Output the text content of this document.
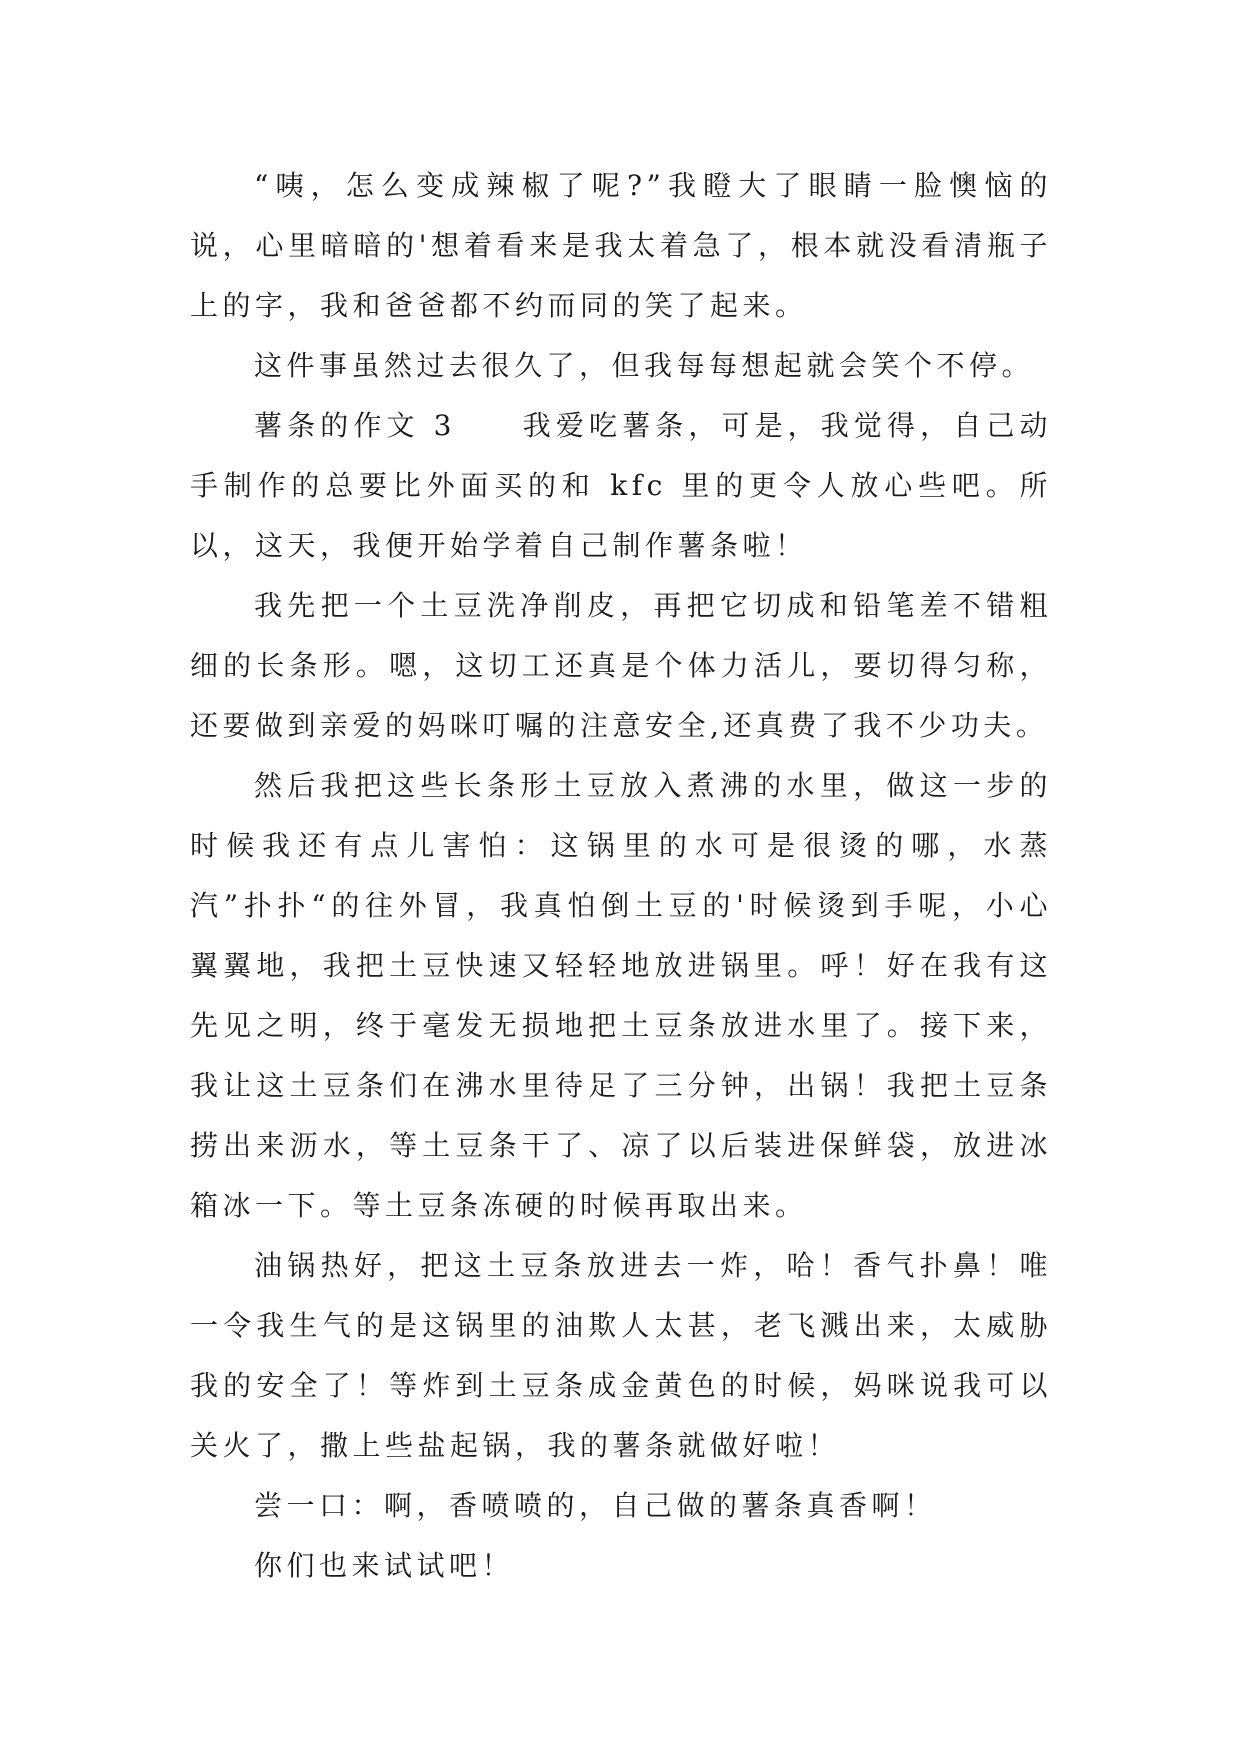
“咦，怎么变成辣椒了呢?”我瞪大了眼睛一脸懊恼的说，心里暗暗的'想着看来是我太着急了，根本就没看清瓶子上的字，我和爸爸都不约而同的笑了起来。

这件事虽然过去很久了，但我每每想起就会笑个不停。

薯条的作文 3　　我爱吃薯条，可是，我觉得，自己动手制作的总要比外面买的和 kfc 里的更令人放心些吧。所以，这天，我便开始学着自己制作薯条啦！

我先把一个土豆洗净削皮，再把它切成和铅笔差不错粗细的长条形。嗯，这切工还真是个体力活儿，要切得匀称，还要做到亲爱的妈咪叮嘱的注意安全,还真费了我不少功夫。

然后我把这些长条形土豆放入煮沸的水里，做这一步的时候我还有点儿害怕：这锅里的水可是很烫的哪，水蒸汽”扑扑“的往外冒，我真怕倒土豆的'时候烫到手呢，小心翼翼地，我把土豆快速又轻轻地放进锅里。呼！好在我有这先见之明，终于毫发无损地把土豆条放进水里了。接下来，我让这土豆条们在沸水里待足了三分钟，出锅！我把土豆条捞出来沥水，等土豆条干了、凉了以后装进保鲜袋，放进冰箱冰一下。等土豆条冻硬的时候再取出来。

油锅热好，把这土豆条放进去一炸，哈！香气扑鼻！唯一令我生气的是这锅里的油欺人太甚，老飞溅出来，太威胁我的安全了！等炸到土豆条成金黄色的时候，妈咪说我可以关火了，撒上些盐起锅，我的薯条就做好啦！

尝一口：啊，香喷喷的，自己做的薯条真香啊！

你们也来试试吧！
